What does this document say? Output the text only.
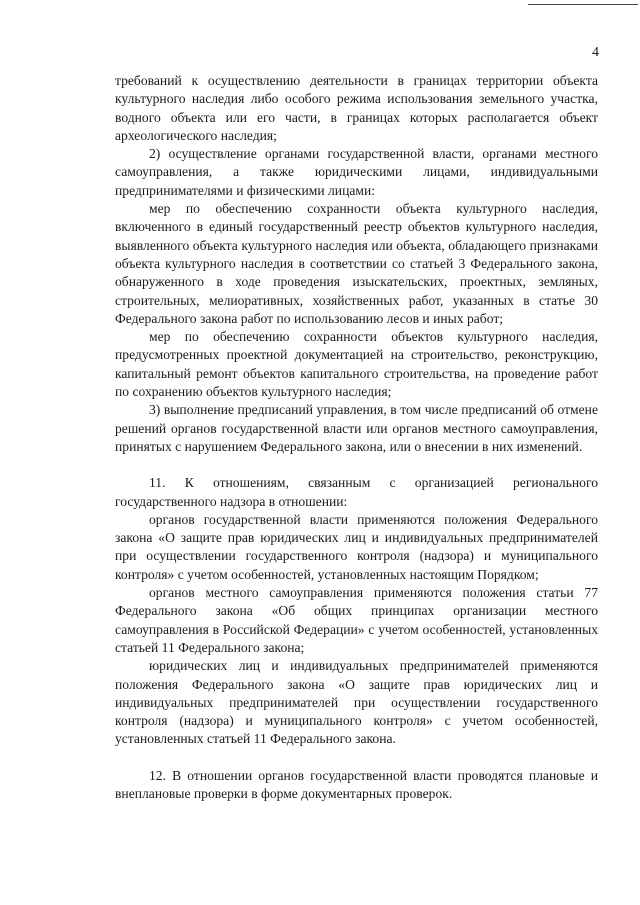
4

требований к осуществлению деятельности в границах территории объекта культурного наследия либо особого режима использования земельного участка, водного объекта или его части, в границах которых располагается объект археологического наследия;

2) осуществление органами государственной власти, органами местного самоуправления, а также юридическими лицами, индивидуальными предпринимателями и физическими лицами:

мер по обеспечению сохранности объекта культурного наследия, включенного в единый государственный реестр объектов культурного наследия, выявленного объекта культурного наследия или объекта, обладающего признаками объекта культурного наследия в соответствии со статьей 3 Федерального закона, обнаруженного в ходе проведения изыскательских, проектных, земляных, строительных, мелиоративных, хозяйственных работ, указанных в статье 30 Федерального закона работ по использованию лесов и иных работ;

мер по обеспечению сохранности объектов культурного наследия, предусмотренных проектной документацией на строительство, реконструкцию, капитальный ремонт объектов капитального строительства, на проведение работ по сохранению объектов культурного наследия;

3) выполнение предписаний управления, в том числе предписаний об отмене решений органов государственной власти или органов местного самоуправления, принятых с нарушением Федерального закона, или о внесении в них изменений.

11. К отношениям, связанным с организацией регионального государственного надзора в отношении:

органов государственной власти применяются положения Федерального закона «О защите прав юридических лиц и индивидуальных предпринимателей при осуществлении государственного контроля (надзора) и муниципального контроля» с учетом особенностей, установленных настоящим Порядком;

органов местного самоуправления применяются положения статьи 77 Федерального закона «Об общих принципах организации местного самоуправления в Российской Федерации» с учетом особенностей, установленных статьей 11 Федерального закона;

юридических лиц и индивидуальных предпринимателей применяются положения Федерального закона «О защите прав юридических лиц и индивидуальных предпринимателей при осуществлении государственного контроля (надзора) и муниципального контроля» с учетом особенностей, установленных статьей 11 Федерального закона.

12. В отношении органов государственной власти проводятся плановые и внеплановые проверки в форме документарных проверок.
